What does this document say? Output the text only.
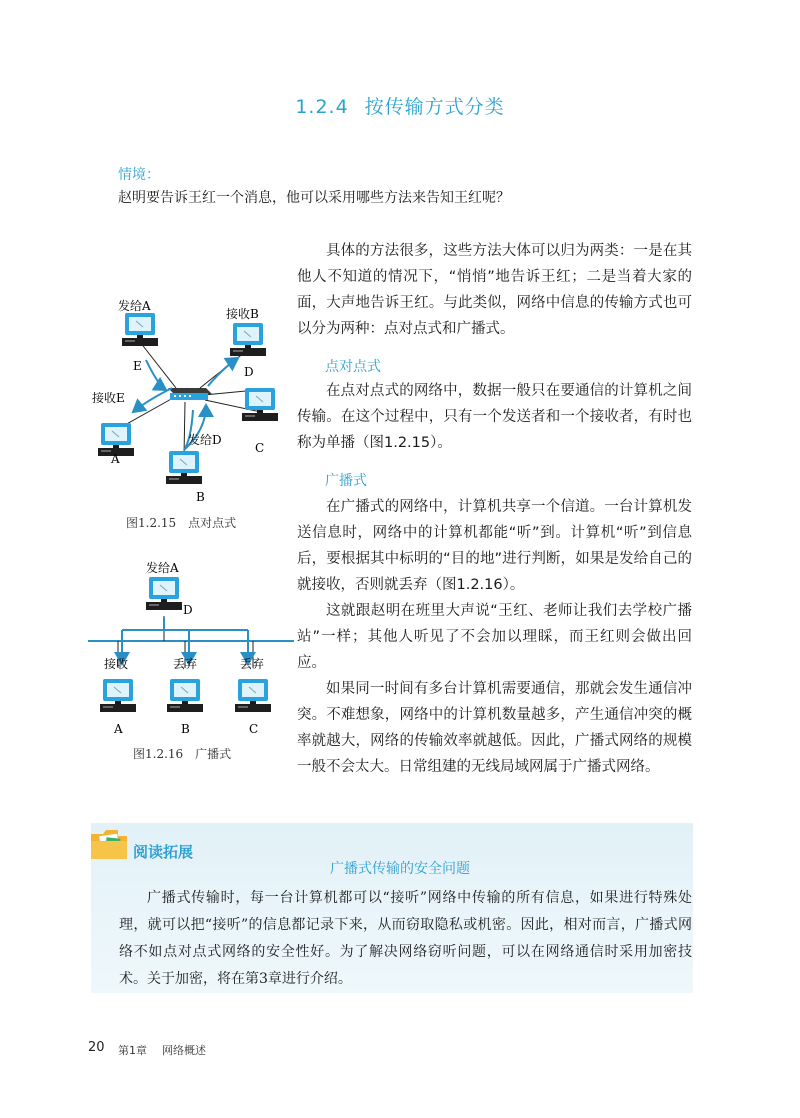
1.2.4 按传输方式分类
情境：
赵明要告诉王红一个消息，他可以采用哪些方法来告知王红呢？

具体的方法很多，这些方法大体可以归为两类：一是在其他人不知道的情况下，“悄悄”地告诉王红；二是当着大家的面，大声地告诉王红。与此类似，网络中信息的传输方式也可以分为两种：点对点式和广播式。

点对点式

在点对点式的网络中，数据一般只在要通信的计算机之间传输。在这个过程中，只有一个发送者和一个接收者，有时也称为单播（图1.2.15）。

广播式

在广播式的网络中，计算机共享一个信道。一台计算机发送信息时，网络中的计算机都能“听”到。计算机“听”到信息后，要根据其中标明的“目的地”进行判断，如果是发给自己的就接收，否则就丢弃（图1.2.16）。

这就跟赵明在班里大声说“王红、老师让我们去学校广播站”一样；其他人听见了不会加以理睬，而王红则会做出回应。

如果同一时间有多台计算机需要通信，那就会发生通信冲突。不难想象，网络中的计算机数量越多，产生通信冲突的概率就越大，网络的传输效率就越低。因此，广播式网络的规模一般不会太大。日常组建的无线局域网属于广播式网络。

发给A
接收B
E	D
接收E
A
发给D
C
B
图1.2.15　点对点式
发给A
D
接收	丢弃	丢弃
A	B	C
图1.2.16　广播式
阅读拓展
广播式传输的安全问题

广播式传输时，每一台计算机都可以“接听”网络中传输的所有信息，如果进行特殊处理，就可以把“接听”的信息都记录下来，从而窃取隐私或机密。因此，相对而言，广播式网络不如点对点式网络的安全性好。为了解决网络窃听问题，可以在网络通信时采用加密技术。关于加密，将在第3章进行介绍。

20 第1章 网络概述
